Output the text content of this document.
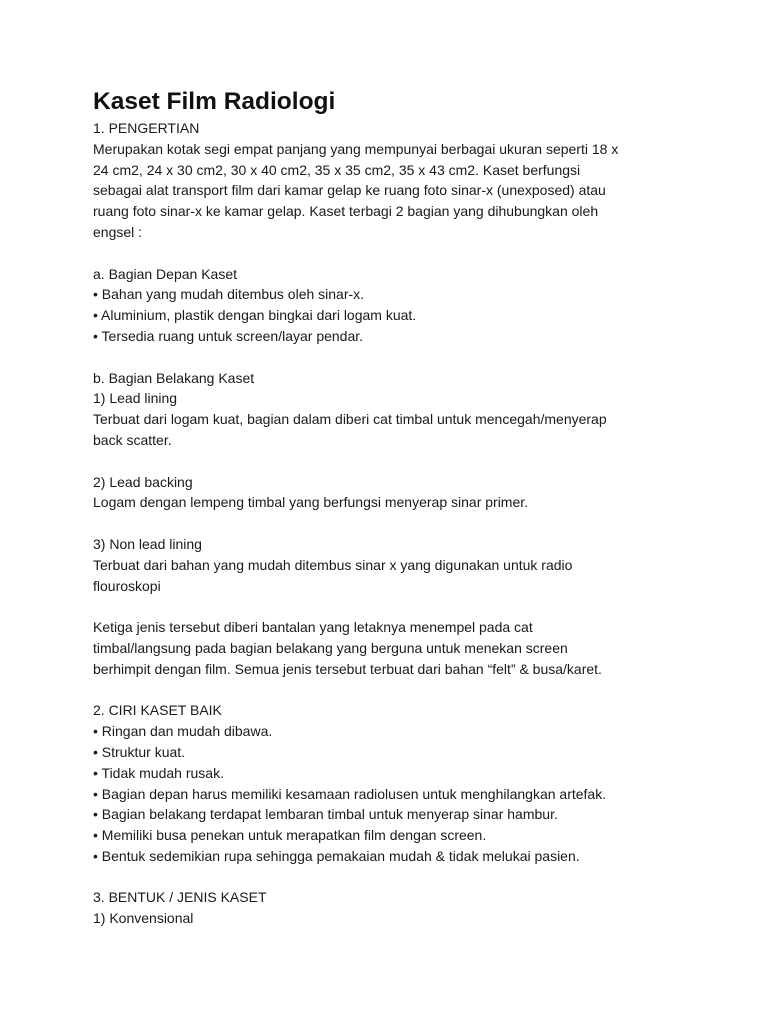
Kaset Film Radiologi
1. PENGERTIAN
Merupakan kotak segi empat panjang yang mempunyai berbagai ukuran seperti 18 x
24 cm2, 24 x 30 cm2, 30 x 40 cm2, 35 x 35 cm2, 35 x 43 cm2. Kaset berfungsi
sebagai alat transport film dari kamar gelap ke ruang foto sinar-x (unexposed) atau
ruang foto sinar-x ke kamar gelap. Kaset terbagi 2 bagian yang dihubungkan oleh
engsel :
a. Bagian Depan Kaset
• Bahan yang mudah ditembus oleh sinar-x.
• Aluminium, plastik dengan bingkai dari logam kuat.
• Tersedia ruang untuk screen/layar pendar.
b. Bagian Belakang Kaset
1) Lead lining
Terbuat dari logam kuat, bagian dalam diberi cat timbal untuk mencegah/menyerap
back scatter.
2) Lead backing
Logam dengan lempeng timbal yang berfungsi menyerap sinar primer.
3) Non lead lining
Terbuat dari bahan yang mudah ditembus sinar x yang digunakan untuk radio
flouroskopi
Ketiga jenis tersebut diberi bantalan yang letaknya menempel pada cat
timbal/langsung pada bagian belakang yang berguna untuk menekan screen
berhimpit dengan film. Semua jenis tersebut terbuat dari bahan “felt” & busa/karet.
2. CIRI KASET BAIK
• Ringan dan mudah dibawa.
• Struktur kuat.
• Tidak mudah rusak.
• Bagian depan harus memiliki kesamaan radiolusen untuk menghilangkan artefak.
• Bagian belakang terdapat lembaran timbal untuk menyerap sinar hambur.
• Memiliki busa penekan untuk merapatkan film dengan screen.
• Bentuk sedemikian rupa sehingga pemakaian mudah & tidak melukai pasien.
3. BENTUK / JENIS KASET
1) Konvensional
